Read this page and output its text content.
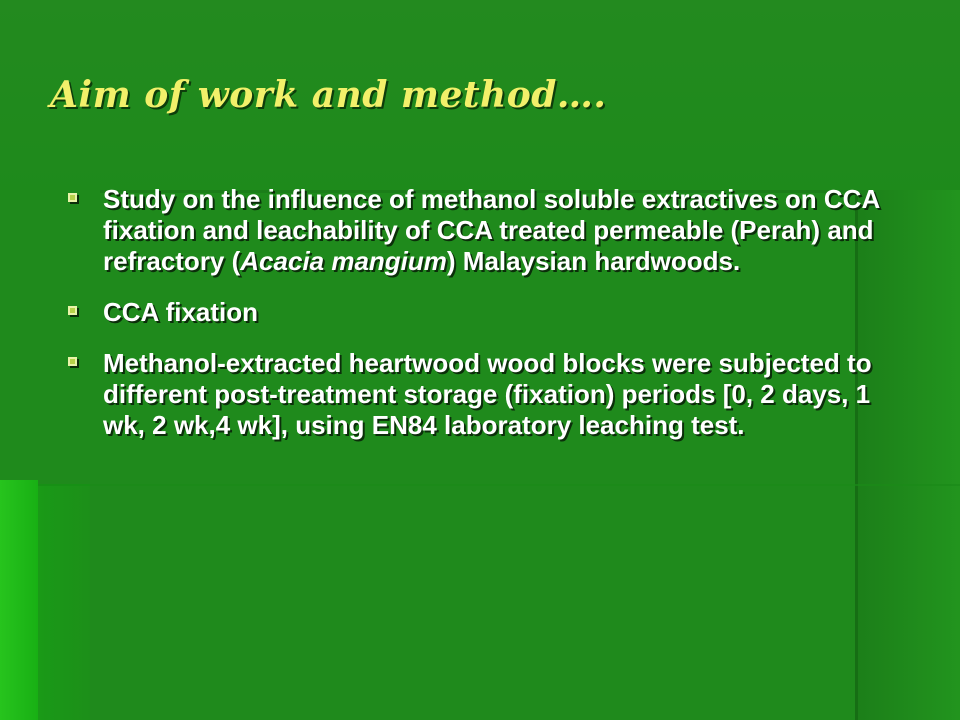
Aim of work and method….
Study on the influence of methanol soluble extractives on CCA fixation and leachability of CCA treated permeable (Perah) and refractory (Acacia mangium) Malaysian hardwoods.
CCA fixation
Methanol-extracted heartwood wood blocks were subjected to different post-treatment storage (fixation) periods [0, 2 days, 1 wk, 2 wk,4 wk], using EN84 laboratory leaching test.
